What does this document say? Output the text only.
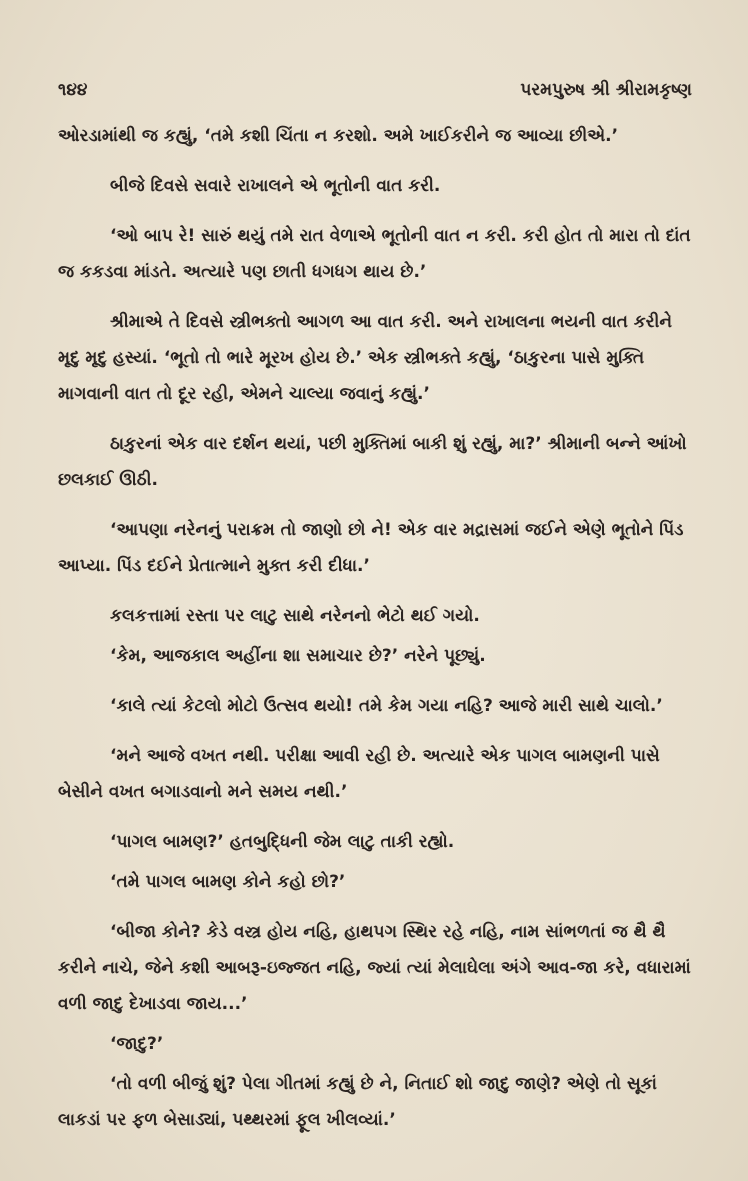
૧૪૪	પરમપુરુષ શ્રી શ્રીરામકૃષ્ણ

ઓરડામાંથી જ કહ્યું, ‘તમે કશી ચિંતા ન કરશો. અમે ખાઈકરીને જ આવ્યા છીએ.’

બીજે દિવસે સવારે રાખાલને એ ભૂતોની વાત કરી.

‘ઓ બાપ રે! સારું થયું તમે રાત વેળાએ ભૂતોની વાત ન કરી. કરી હોત તો મારા તો દાંત જ કકડવા માંડતે. અત્યારે પણ છાતી ધગધગ થાય છે.’

શ્રીમાએ તે દિવસે સ્ત્રીભક્તો આગળ આ વાત કરી. અને રાખાલના ભયની વાત કરીને મૃદુ મૃદુ હસ્યાં. ‘ભૂતો તો ભારે મૂરખ હોય છે.’ એક સ્ત્રીભક્તે કહ્યું, ‘ઠાકુરના પાસે મુક્તિ માગવાની વાત તો દૂર રહી, એમને ચાલ્યા જવાનું કહ્યું.’

ઠાકુરનાં એક વાર દર્શન થયાં, પછી મુક્તિમાં બાકી શું રહ્યું, મા?’ શ્રીમાની બન્ને આંખો છલકાઈ ઊઠી.

‘આપણા નરેનનું પરાક્રમ તો જાણો છો ને! એક વાર મદ્રાસમાં જઈને એણે ભૂતોને પિંડ આપ્યા. પિંડ દઈને પ્રેતાત્માને મુક્ત કરી દીધા.’

કલકત્તામાં રસ્તા પર લાટુ સાથે નરેનનો ભેટો થઈ ગયો.

‘કેમ, આજકાલ અહીંના શા સમાચાર છે?’ નરેને પૂછ્યું.

‘કાલે ત્યાં કેટલો મોટો ઉત્સવ થયો! તમે કેમ ગયા નહિ? આજે મારી સાથે ચાલો.’

‘મને આજે વખત નથી. પરીક્ષા આવી રહી છે. અત્યારે એક પાગલ બામણની પાસે બેસીને વખત બગાડવાનો મને સમય નથી.’

‘પાગલ બામણ?’ હતબુદ્ધિની જેમ લાટુ તાકી રહ્યો.

‘તમે પાગલ બામણ કોને કહો છો?’

‘બીજા કોને? કેડે વસ્ત્ર હોય નહિ, હાથપગ સ્થિર રહે નહિ, નામ સાંભળતાં જ થૈ થૈ કરીને નાચે, જેને કશી આબરૂ-ઇજ્જત નહિ, જ્યાં ત્યાં મેલાઘેલા અંગે આવ-જા કરે, વધારામાં વળી જાદુ દેખાડવા જાય...’

‘જાદુ?’

‘તો વળી બીજું શું? પેલા ગીતમાં કહ્યું છે ને, નિતાઈ શો જાદુ જાણે? એણે તો સૂકાં લાકડાં પર ફળ બેસાડ્યાં, પથ્થરમાં ફૂલ ખીલવ્યાં.’
